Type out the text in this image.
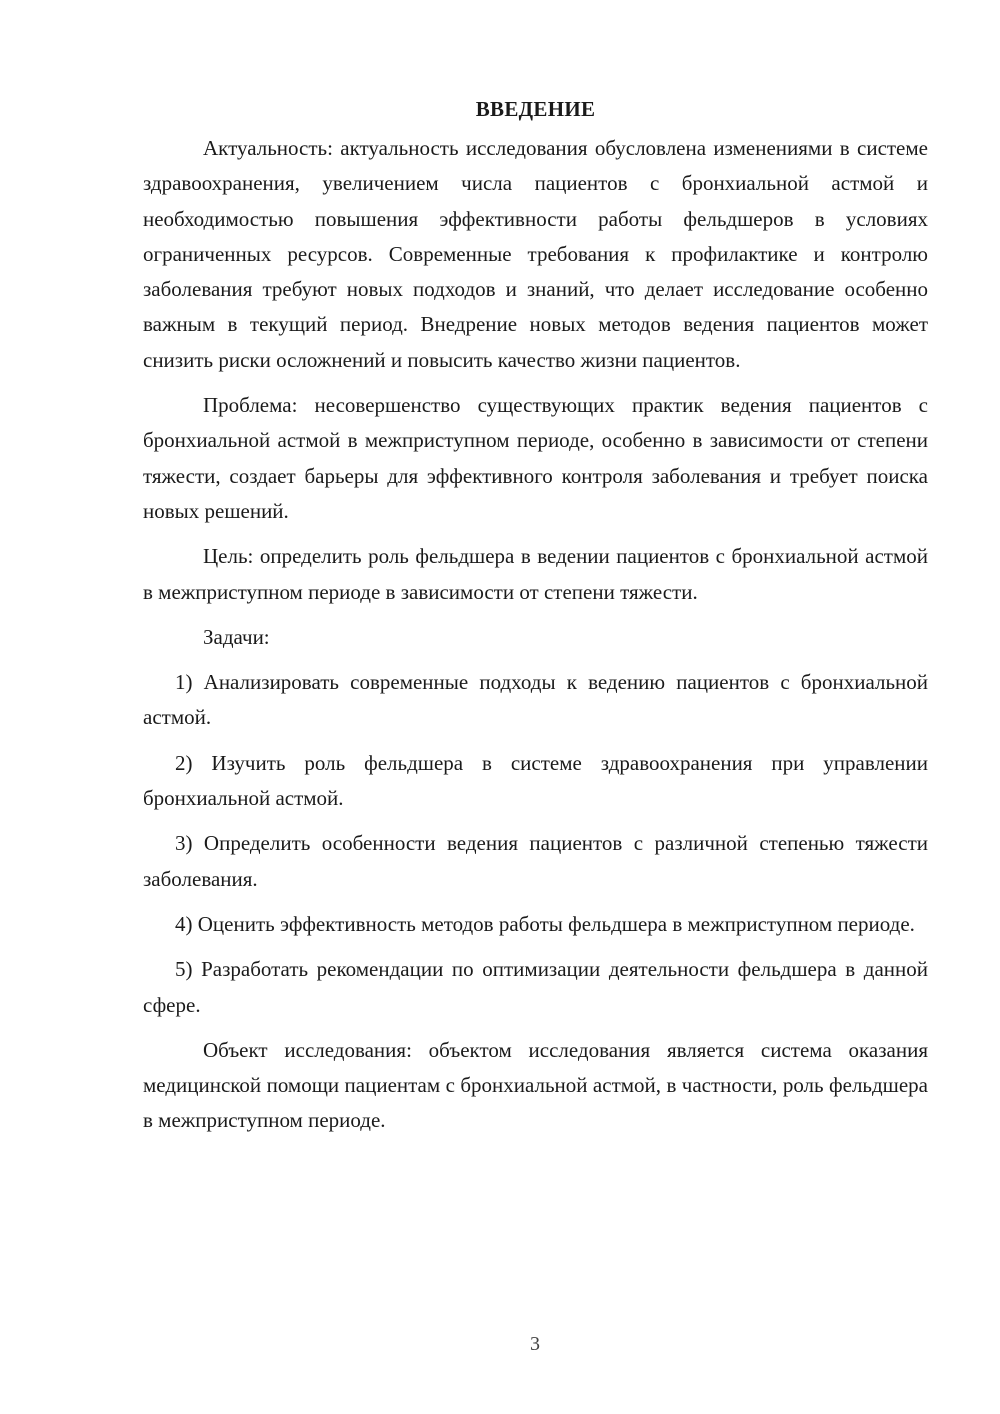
ВВЕДЕНИЕ

Актуальность: актуальность исследования обусловлена изменениями в системе здравоохранения, увеличением числа пациентов с бронхиальной астмой и необходимостью повышения эффективности работы фельдшеров в условиях ограниченных ресурсов. Современные требования к профилактике и контролю заболевания требуют новых подходов и знаний, что делает исследование особенно важным в текущий период. Внедрение новых методов ведения пациентов может снизить риски осложнений и повысить качество жизни пациентов.

Проблема: несовершенство существующих практик ведения пациентов с бронхиальной астмой в межприступном периоде, особенно в зависимости от степени тяжести, создает барьеры для эффективного контроля заболевания и требует поиска новых решений.

Цель: определить роль фельдшера в ведении пациентов с бронхиальной астмой в межприступном периоде в зависимости от степени тяжести.

Задачи:

1) Анализировать современные подходы к ведению пациентов с бронхиальной астмой.

2) Изучить роль фельдшера в системе здравоохранения при управлении бронхиальной астмой.

3) Определить особенности ведения пациентов с различной степенью тяжести заболевания.

4) Оценить эффективность методов работы фельдшера в межприступном периоде.

5) Разработать рекомендации по оптимизации деятельности фельдшера в данной сфере.

Объект исследования: объектом исследования является система оказания медицинской помощи пациентам с бронхиальной астмой, в частности, роль фельдшера в межприступном периоде.

3
